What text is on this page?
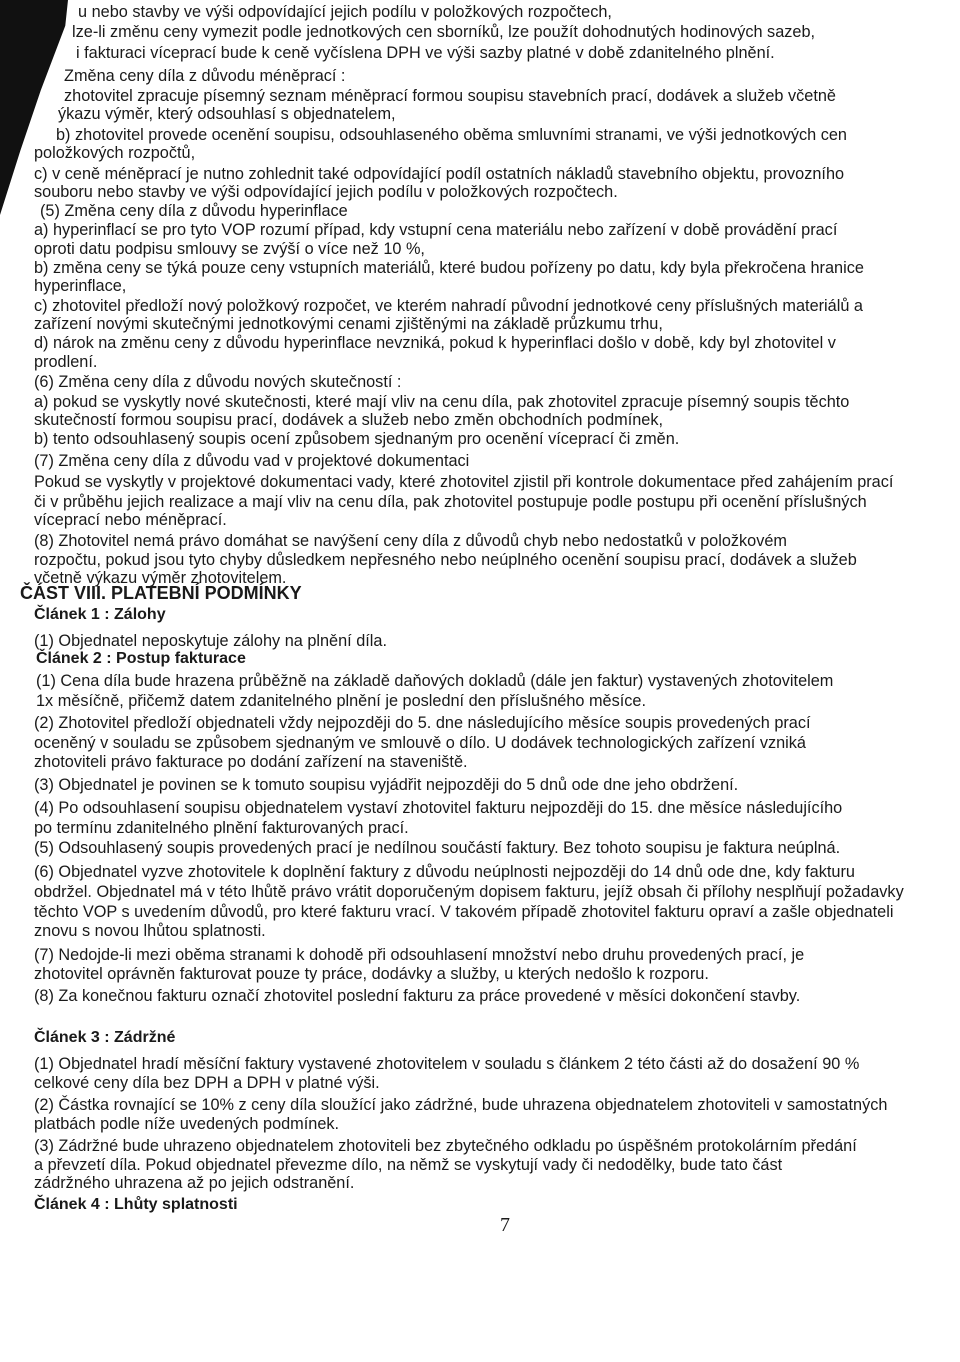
u nebo stavby ve výši odpovídající jejich podílu v položkových rozpočtech,
lze-li změnu ceny vymezit podle jednotkových cen sborníků, lze použít dohodnutých hodinových sazeb,
i fakturaci víceprací bude k ceně vyčíslena DPH ve výši sazby platné v době zdanitelného plnění.
Změna ceny díla z důvodu méněprací :
zhotovitel zpracuje písemný seznam méněprací formou soupisu stavebních prací, dodávek a služeb včetně
ýkazu výměr, který odsouhlasí s objednatelem,
b) zhotovitel provede ocenění soupisu, odsouhlaseného oběma smluvními stranami, ve výši jednotkových cen
položkových rozpočtů,
c) v ceně méněprací je nutno zohlednit také odpovídající podíl ostatních nákladů stavebního objektu, provozního
souboru nebo stavby ve výši odpovídající jejich podílu v položkových rozpočtech.
(5) Změna ceny díla z důvodu hyperinflace
a) hyperinflací se pro tyto VOP rozumí případ, kdy vstupní cena materiálu nebo zařízení v době provádění prací
oproti datu podpisu smlouvy se zvýší o více než 10 %,
b) změna ceny se týká pouze ceny vstupních materiálů, které budou pořízeny po datu, kdy byla překročena hranice
hyperinflace,
c) zhotovitel předloží nový položkový rozpočet, ve kterém nahradí původní jednotkové ceny příslušných materiálů a
zařízení novými skutečnými jednotkovými cenami zjištěnými na základě průzkumu trhu,
d) nárok na změnu ceny z důvodu hyperinflace nevzniká, pokud k hyperinflaci došlo v době, kdy byl zhotovitel v
prodlení.
(6) Změna ceny díla z důvodu nových skutečností :
a) pokud se vyskytly nové skutečnosti, které mají vliv na cenu díla, pak zhotovitel zpracuje písemný soupis těchto
skutečností formou soupisu prací, dodávek a služeb nebo změn obchodních podmínek,
b) tento odsouhlasený soupis ocení způsobem sjednaným pro ocenění víceprací či změn.
(7) Změna ceny díla z důvodu vad v projektové dokumentaci
Pokud se vyskytly v projektové dokumentaci vady, které zhotovitel zjistil při kontrole dokumentace před zahájením prací
či v průběhu jejich realizace a mají vliv na cenu díla, pak zhotovitel postupuje podle postupu při ocenění příslušných
víceprací nebo méněprací.
(8) Zhotovitel nemá právo domáhat se navýšení ceny díla z důvodů chyb nebo nedostatků v položkovém
rozpočtu, pokud jsou tyto chyby důsledkem nepřesného nebo neúplného ocenění soupisu prací, dodávek a služeb
včetně výkazu výměr zhotovitelem.
(1) Objednatel neposkytuje zálohy na plnění díla.
(1) Cena díla bude hrazena průběžně na základě daňových dokladů (dále jen faktur) vystavených zhotovitelem
1x měsíčně, přičemž datem zdanitelného plnění je poslední den příslušného měsíce.
(2) Zhotovitel předloží objednateli vždy nejpozději do 5. dne následujícího měsíce soupis provedených prací
oceněný v souladu se způsobem sjednaným ve smlouvě o dílo. U dodávek technologických zařízení vzniká
zhotoviteli právo fakturace po dodání zařízení na staveniště.
(3) Objednatel je povinen se k tomuto soupisu vyjádřit nejpozději do 5 dnů ode dne jeho obdržení.
(4) Po odsouhlasení soupisu objednatelem vystaví zhotovitel fakturu nejpozději do 15. dne měsíce následujícího
po termínu zdanitelného plnění fakturovaných prací.
(5) Odsouhlasený soupis provedených prací je nedílnou součástí faktury. Bez tohoto soupisu je faktura neúplná.
(6) Objednatel vyzve zhotovitele k doplnění faktury z důvodu neúplnosti nejpozději do 14 dnů ode dne, kdy fakturu
obdržel. Objednatel má v této lhůtě právo vrátit doporučeným dopisem fakturu, jejíž obsah či přílohy nesplňují požadavky
těchto VOP s uvedením důvodů, pro které fakturu vrací. V takovém případě zhotovitel fakturu opraví a zašle objednateli
znovu s novou lhůtou splatnosti.
(7) Nedojde-li mezi oběma stranami k dohodě při odsouhlasení množství nebo druhu provedených prací, je
zhotovitel oprávněn fakturovat pouze ty práce, dodávky a služby, u kterých nedošlo k rozporu.
(8) Za konečnou fakturu označí zhotovitel poslední fakturu za práce provedené v měsíci dokončení stavby.
(1) Objednatel hradí měsíční faktury vystavené zhotovitelem v souladu s článkem 2 této části až do dosažení 90 %
celkové ceny díla bez DPH a DPH v platné výši.
(2) Částka rovnající se 10% z ceny díla sloužící jako zádržné, bude uhrazena objednatelem zhotoviteli v samostatných
platbách podle níže uvedených podmínek.
(3) Zádržné bude uhrazeno objednatelem zhotoviteli bez zbytečného odkladu po úspěšném protokolárním předání
a převzetí díla. Pokud objednatel převezme dílo, na němž se vyskytují vady či nedodělky, bude tato část
zádržného uhrazena až po jejich odstranění.
ČÁST VIII. PLATEBNÍ PODMÍNKY
Článek 1 : Zálohy
Článek 2 : Postup fakturace
Článek 3 : Zádržné
Článek 4 : Lhůty splatnosti
7
